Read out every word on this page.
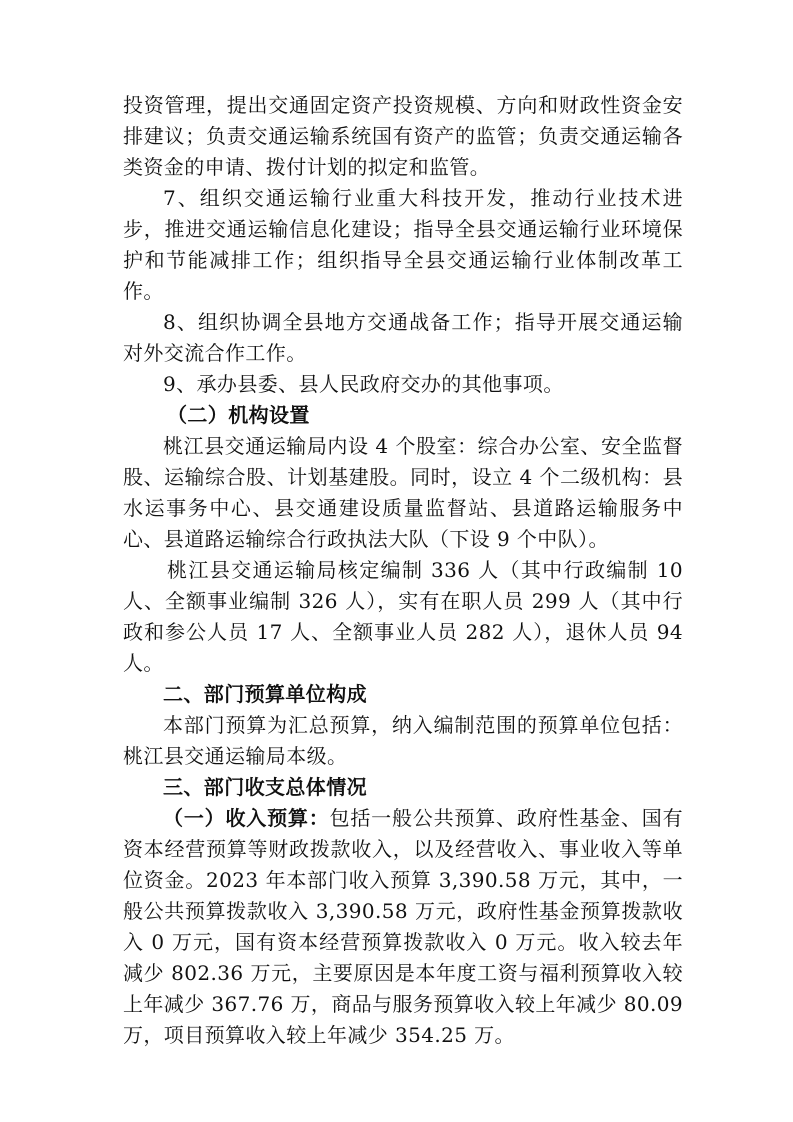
投资管理，提出交通固定资产投资规模、方向和财政性资金安排建议；负责交通运输系统国有资产的监管；负责交通运输各类资金的申请、拨付计划的拟定和监管。

7、组织交通运输行业重大科技开发，推动行业技术进步，推进交通运输信息化建设；指导全县交通运输行业环境保护和节能减排工作；组织指导全县交通运输行业体制改革工作。

8、组织协调全县地方交通战备工作；指导开展交通运输对外交流合作工作。

9、承办县委、县人民政府交办的其他事项。

（二）机构设置

桃江县交通运输局内设 4 个股室：综合办公室、安全监督股、运输综合股、计划基建股。同时，设立 4 个二级机构：县水运事务中心、县交通建设质量监督站、县道路运输服务中心、县道路运输综合行政执法大队（下设 9 个中队）。

桃江县交通运输局核定编制 336 人（其中行政编制 10 人、全额事业编制 326 人），实有在职人员 299 人（其中行政和参公人员 17 人、全额事业人员 282 人），退休人员 94 人。

二、部门预算单位构成

本部门预算为汇总预算，纳入编制范围的预算单位包括：桃江县交通运输局本级。

三、部门收支总体情况

（一）收入预算：包括一般公共预算、政府性基金、国有资本经营预算等财政拨款收入，以及经营收入、事业收入等单位资金。2023 年本部门收入预算 3,390.58 万元，其中，一般公共预算拨款收入 3,390.58 万元，政府性基金预算拨款收入 0 万元，国有资本经营预算拨款收入 0 万元。收入较去年减少 802.36 万元，主要原因是本年度工资与福利预算收入较上年减少 367.76 万，商品与服务预算收入较上年减少 80.09 万，项目预算收入较上年减少 354.25 万。
